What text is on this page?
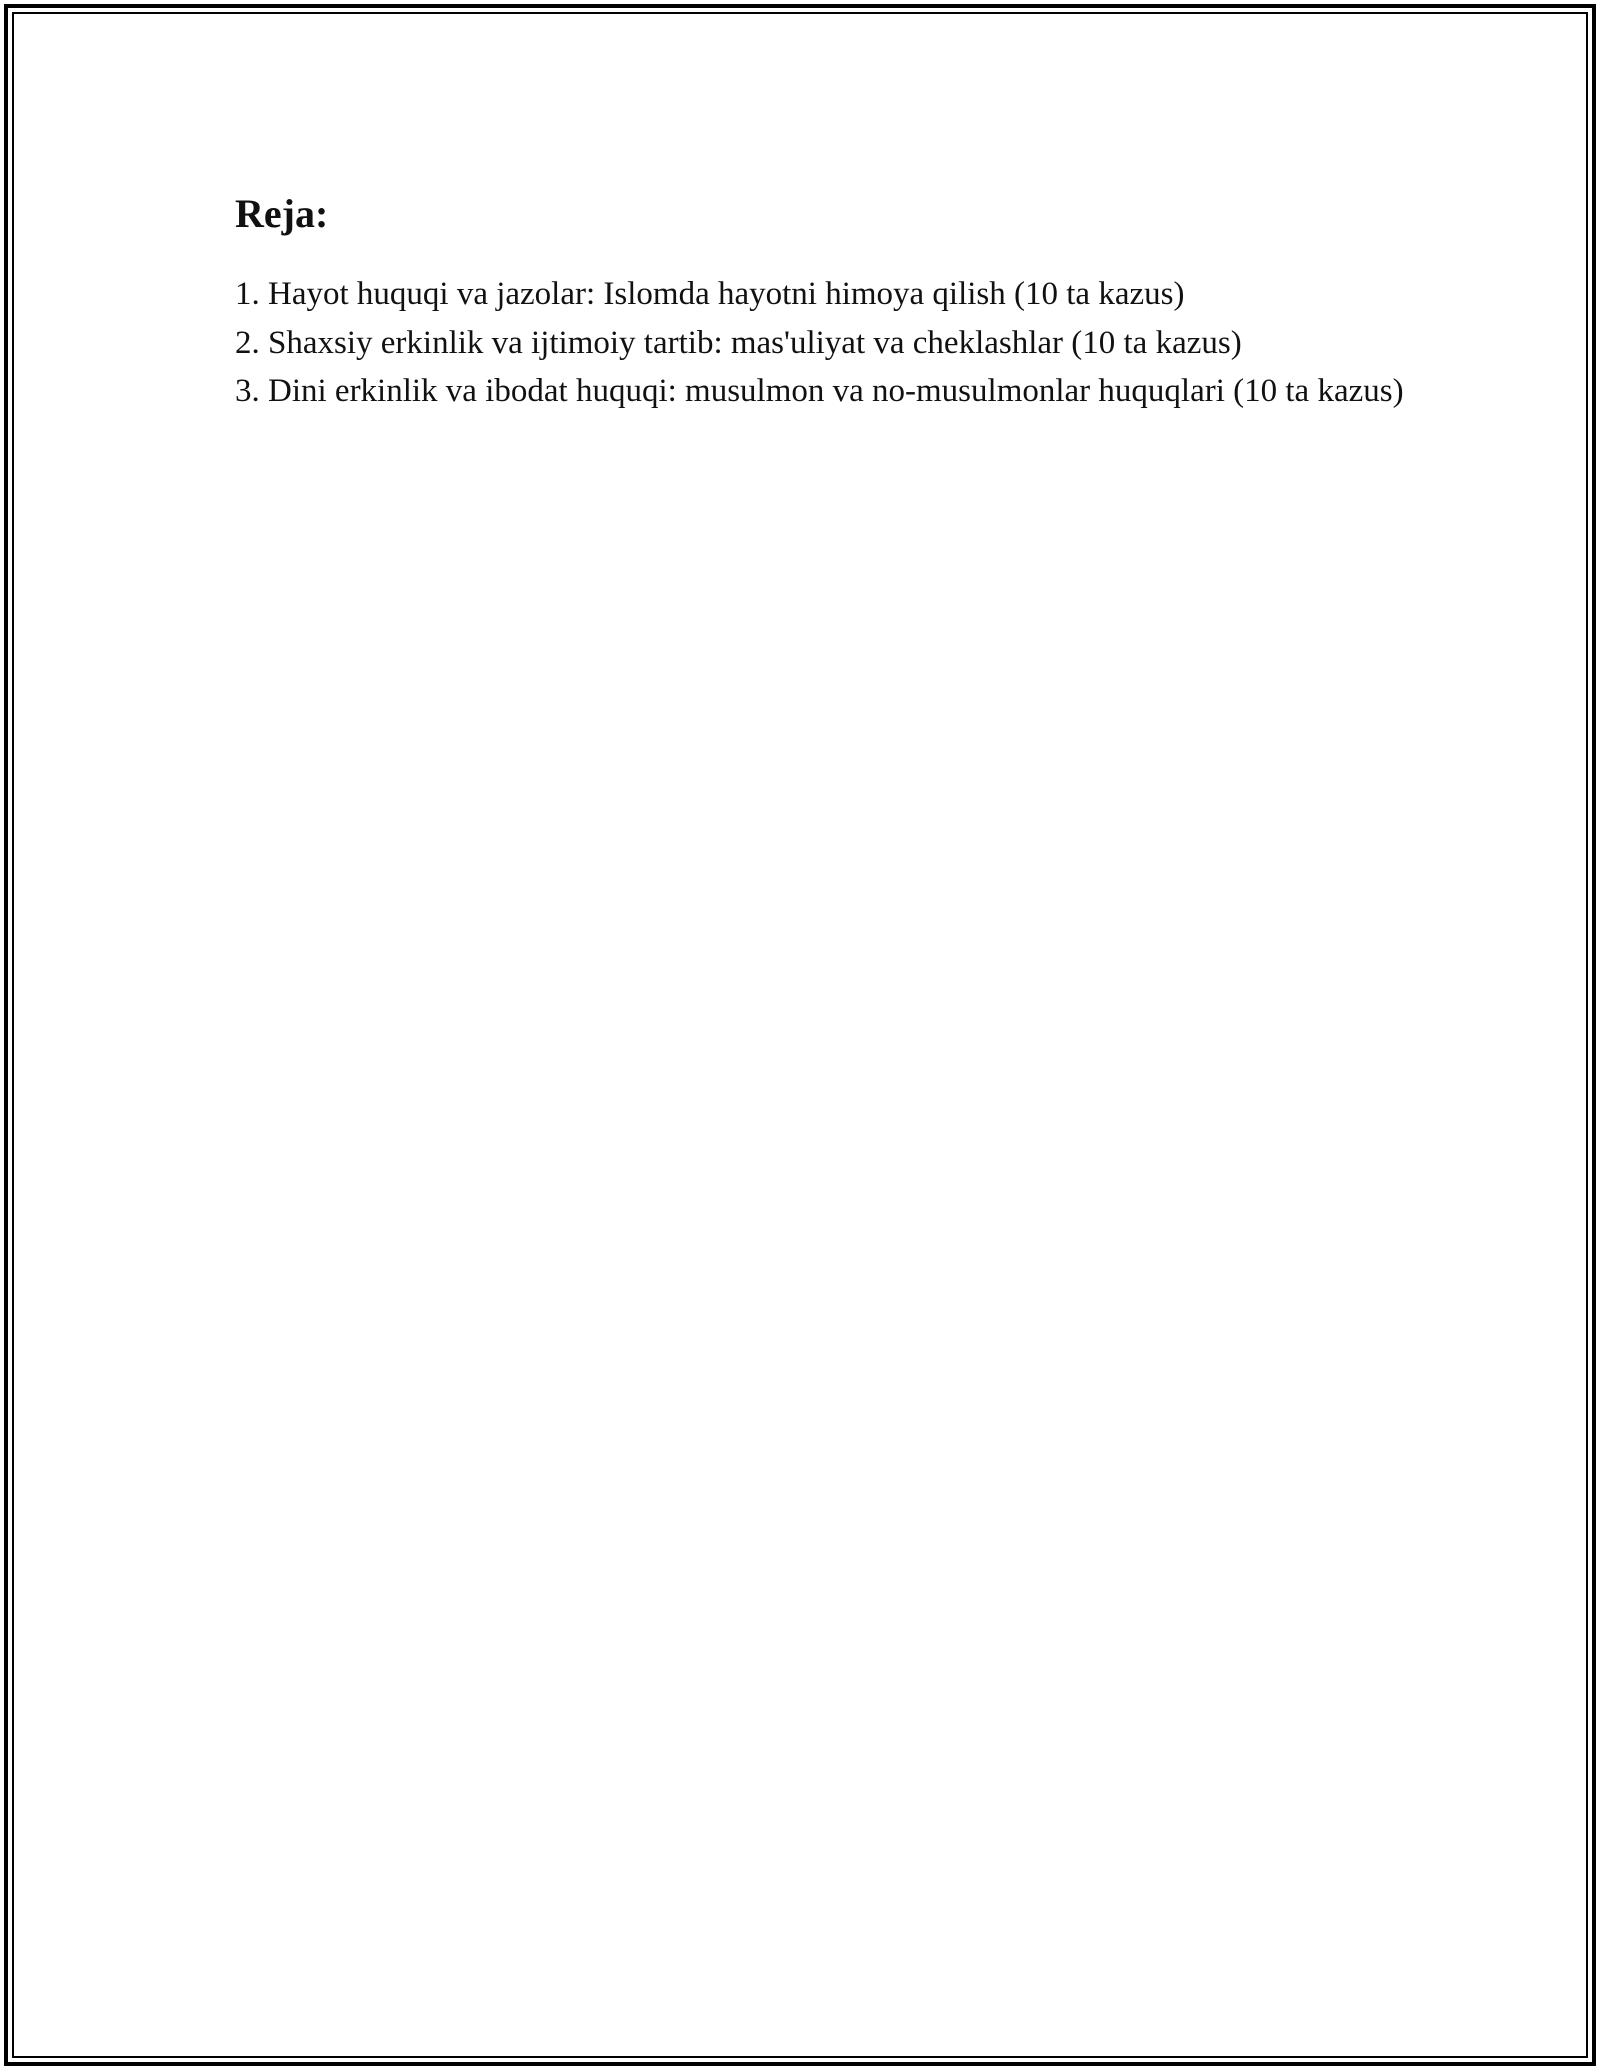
Reja:
1. Hayot huquqi va jazolar: Islomda hayotni himoya qilish (10 ta kazus)
2. Shaxsiy erkinlik va ijtimoiy tartib: mas'uliyat va cheklashlar (10 ta kazus)
3. Dini erkinlik va ibodat huquqi: musulmon va no-musulmonlar huquqlari (10 ta kazus)
